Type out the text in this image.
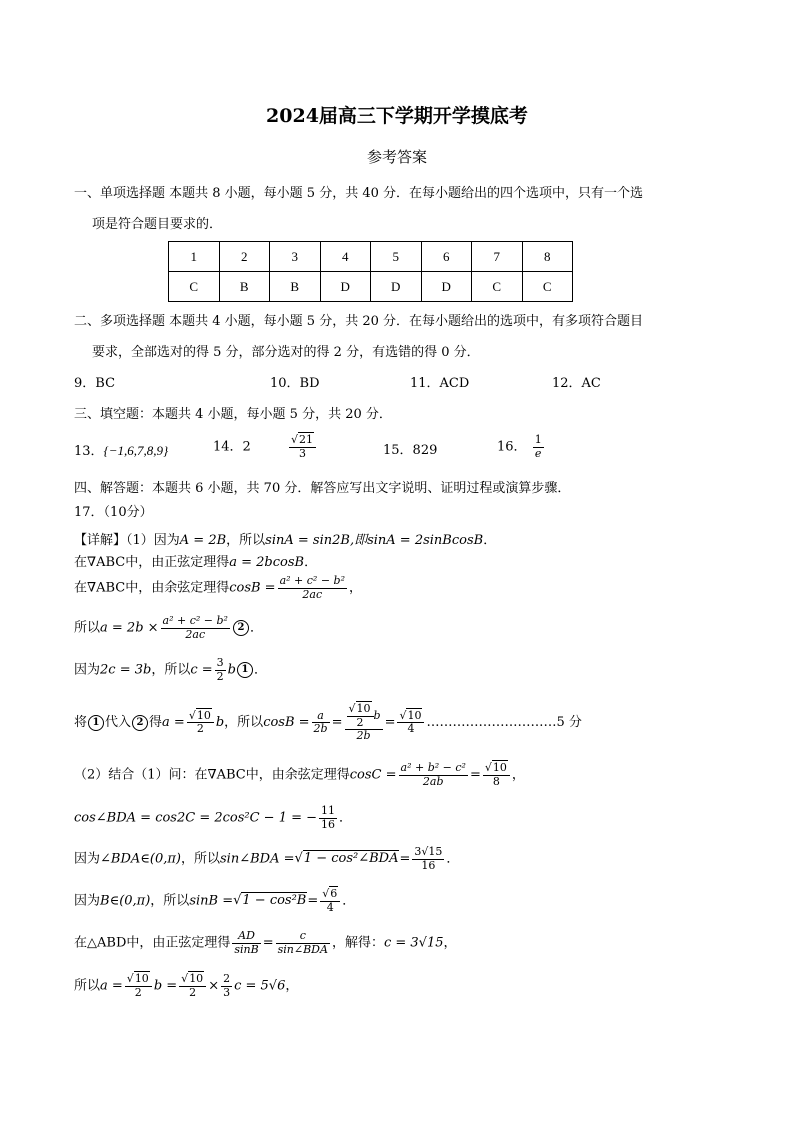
2024届高三下学期开学摸底考
参考答案
一、单项选择题 本题共 8 小题，每小题 5 分，共 40 分．在每小题给出的四个选项中，只有一个选
项是符合题目要求的．
1	2	3	4	5	6	7	8
C	B	B	D	D	D	C	C
二、多项选择题 本题共 4 小题，每小题 5 分，共 20 分．在每小题给出的选项中，有多项符合题目
要求，全部选对的得 5 分，部分选对的得 2 分，有选错的得 0 分．
9．BC	10．BD	11．ACD	12．AC
三、填空题：本题共 4 小题，每小题 5 分，共 20 分．
13．{−1,6,7,8,9}	14．2	$\frac{√21}{3}$	15．829	16． $\frac{1}{e}$
四、解答题：本题共 6 小题，共 70 分．解答应写出文字说明、证明过程或演算步骤．
17．（10分）
【详解】（1）因为A = 2B，所以sinA = sin2B,即sinA = 2sinBcosB．
在∇ABC中，由正弦定理得a = 2bcosB．
在∇ABC中，由余弦定理得$\cos B = \frac{\text{a² + c² − b²}}{2ac}$ ，
所以$a = 2b \times \frac{\text{a² + c² − b²}}{2ac} 2$ ．
因为2c = 3b，所以$c = \frac{3}{2}$ b 1 ．
将 1 代入 2 得$a = \frac{√10}{2}$ b，所以$\cos B = \frac{a}{2b} = \frac{\frac{√10}{2} b}{2b} = \frac{√10}{4}$ …………………………5 分
（2）结合（1）问：在∇ABC中，由余弦定理得$\cos C = \frac{\text{a² + b² − c²}}{2ab} = \frac{√10}{8}$ ，
cos∠BDA = cos2C = 2cos²C − 1 = − $\frac{11}{16}$ ．
因为∠BDA∈(0,π)，所以sin∠BDA =√1 − cos²∠BDA= $\frac{3√15}{16}$ ．
因为B∈(0,π)，所以$\sin B =√1 - \cos^2B= \frac{√6}{4}$ ．
在△ABD中，由正弦定理得 $\frac{AD}{\sin B} = \frac{c}{\text{sin∠BDA}}$ ，解得：c = 3√15，
所以$a = \frac{√10}{2}$ $b = \frac{√10}{2} \times \frac{2}{3}$ c = 5√6，
